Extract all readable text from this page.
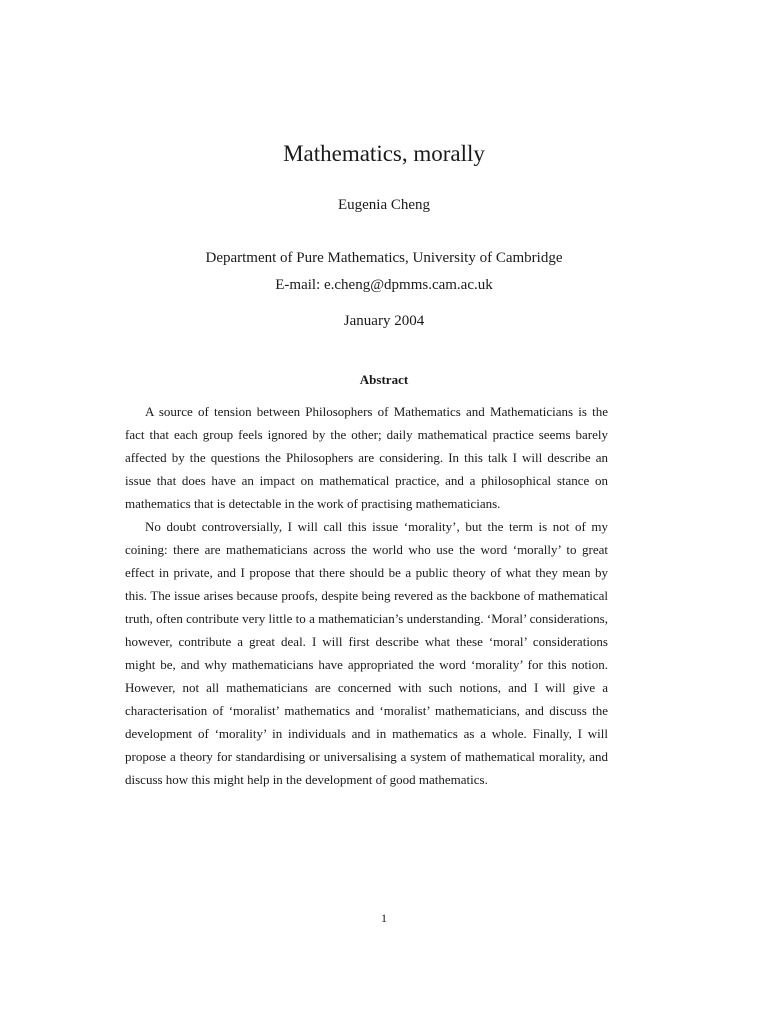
Mathematics, morally
Eugenia Cheng
Department of Pure Mathematics, University of Cambridge
E-mail: e.cheng@dpmms.cam.ac.uk
January 2004
Abstract

A source of tension between Philosophers of Mathematics and Mathematicians is the fact that each group feels ignored by the other; daily mathematical practice seems barely affected by the questions the Philosophers are considering. In this talk I will describe an issue that does have an impact on mathematical practice, and a philosophical stance on mathematics that is detectable in the work of practising mathematicians.

No doubt controversially, I will call this issue ‘morality’, but the term is not of my coining: there are mathematicians across the world who use the word ‘morally’ to great effect in private, and I propose that there should be a public theory of what they mean by this. The issue arises because proofs, despite being revered as the backbone of mathematical truth, often contribute very little to a mathematician’s understanding. ‘Moral’ considerations, however, contribute a great deal. I will first describe what these ‘moral’ considerations might be, and why mathematicians have appropriated the word ‘morality’ for this notion. However, not all mathematicians are concerned with such notions, and I will give a characterisation of ‘moralist’ mathematics and ‘moralist’ mathematicians, and discuss the development of ‘morality’ in individuals and in mathematics as a whole. Finally, I will propose a theory for standardising or universalising a system of mathematical morality, and discuss how this might help in the development of good mathematics.

1
